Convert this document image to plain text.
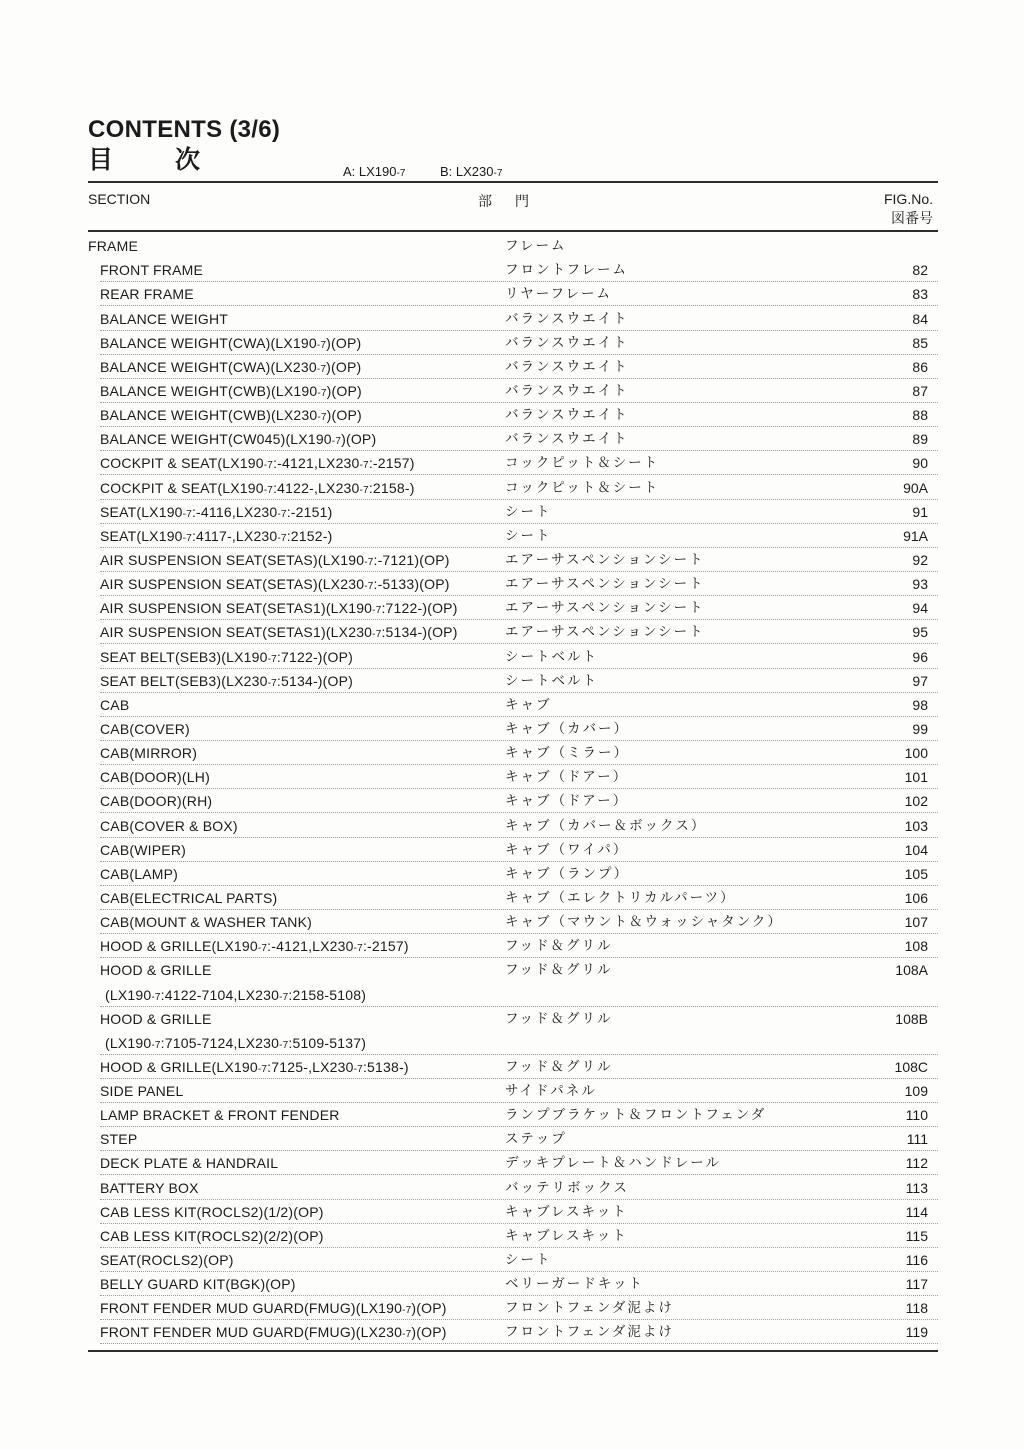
CONTENTS (3/6)
目 次	A: LX190-7	B: LX230-7
SECTION	部 門	FIG.No.
図番号
FRAME	フレーム
FRONT FRAME	フロントフレーム	82
REAR FRAME	リヤーフレーム	83
BALANCE WEIGHT	バランスウエイト	84
BALANCE WEIGHT(CWA)(LX190-7)(OP)	バランスウエイト	85
BALANCE WEIGHT(CWA)(LX230-7)(OP)	バランスウエイト	86
BALANCE WEIGHT(CWB)(LX190-7)(OP)	バランスウエイト	87
BALANCE WEIGHT(CWB)(LX230-7)(OP)	バランスウエイト	88
BALANCE WEIGHT(CW045)(LX190-7)(OP)	バランスウエイト	89
COCKPIT & SEAT(LX190-7:-4121,LX230-7:-2157)	コックピット＆シート	90
COCKPIT & SEAT(LX190-7:4122-,LX230-7:2158-)	コックピット＆シート	90A
SEAT(LX190-7:-4116,LX230-7:-2151)	シート	91
SEAT(LX190-7:4117-,LX230-7:2152-)	シート	91A
AIR SUSPENSION SEAT(SETAS)(LX190-7:-7121)(OP)	エアーサスペンションシート	92
AIR SUSPENSION SEAT(SETAS)(LX230-7:-5133)(OP)	エアーサスペンションシート	93
AIR SUSPENSION SEAT(SETAS1)(LX190-7:7122-)(OP)	エアーサスペンションシート	94
AIR SUSPENSION SEAT(SETAS1)(LX230-7:5134-)(OP)	エアーサスペンションシート	95
SEAT BELT(SEB3)(LX190-7:7122-)(OP)	シートベルト	96
SEAT BELT(SEB3)(LX230-7:5134-)(OP)	シートベルト	97
CAB	キャブ	98
CAB(COVER)	キャブ（カバー）	99
CAB(MIRROR)	キャブ（ミラー）	100
CAB(DOOR)(LH)	キャブ（ドアー）	101
CAB(DOOR)(RH)	キャブ（ドアー）	102
CAB(COVER & BOX)	キャブ（カバー＆ボックス）	103
CAB(WIPER)	キャブ（ワイパ）	104
CAB(LAMP)	キャブ（ランプ）	105
CAB(ELECTRICAL PARTS)	キャブ（エレクトリカルパーツ）	106
CAB(MOUNT & WASHER TANK)	キャブ（マウント＆ウォッシャタンク）	107
HOOD & GRILLE(LX190-7:-4121,LX230-7:-2157)	フッド＆グリル	108
HOOD & GRILLE	フッド＆グリル	108A
(LX190-7:4122-7104,LX230-7:2158-5108)
HOOD & GRILLE	フッド＆グリル	108B
(LX190-7:7105-7124,LX230-7:5109-5137)
HOOD & GRILLE(LX190-7:7125-,LX230-7:5138-)	フッド＆グリル	108C
SIDE PANEL	サイドパネル	109
LAMP BRACKET & FRONT FENDER	ランプブラケット＆フロントフェンダ	110
STEP	ステップ	111
DECK PLATE & HANDRAIL	デッキプレート＆ハンドレール	112
BATTERY BOX	バッテリボックス	113
CAB LESS KIT(ROCLS2)(1/2)(OP)	キャブレスキット	114
CAB LESS KIT(ROCLS2)(2/2)(OP)	キャブレスキット	115
SEAT(ROCLS2)(OP)	シート	116
BELLY GUARD KIT(BGK)(OP)	ベリーガードキット	117
FRONT FENDER MUD GUARD(FMUG)(LX190-7)(OP)	フロントフェンダ泥よけ	118
FRONT FENDER MUD GUARD(FMUG)(LX230-7)(OP)	フロントフェンダ泥よけ	119
